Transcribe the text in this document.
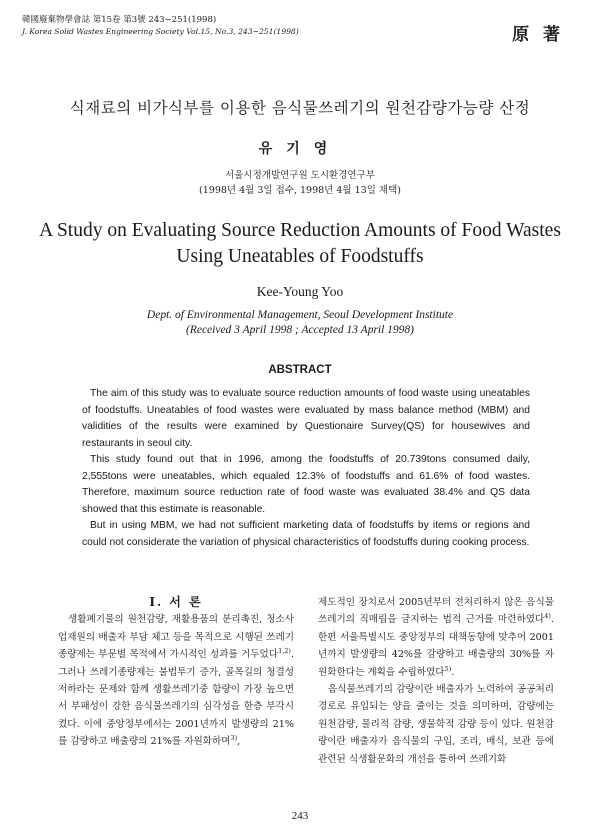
韓國廢棄物學會誌 第15卷 第3號 243~251(1998)
J. Korea Solid Wastes Engineering Society Vol.15, No.3, 243~251(1998)	原 著
식재료의 비가식부를 이용한 음식물쓰레기의 원천감량가능량 산정
유기영
서울시정개발연구원 도시환경연구부
(1998년 4월 3일 접수, 1998년 4월 13일 채택)
A Study on Evaluating Source Reduction Amounts of Food Wastes
Using Uneatables of Foodstuffs
Kee-Young Yoo
Dept. of Environmental Management, Seoul Development Institute
(Received 3 April 1998 ; Accepted 13 April 1998)
ABSTRACT

The aim of this study was to evaluate source reduction amounts of food waste using uneatables of foodstuffs. Uneatables of food wastes were evaluated by mass balance method (MBM) and validities of the results were examined by Questionaire Survey(QS) for housewives and restaurants in seoul city.

This study found out that in 1996, among the foodstuffs of 20.739tons consumed daily, 2,555tons were uneatables, which equaled 12.3% of foodstuffs and 61.6% of food wastes. Therefore, maximum source reduction rate of food waste was evaluated 38.4% and QS data showed that this estimate is reasonable.

But in using MBM, we had not sufficient marketing data of foodstuffs by items or regions and could not considerate the variation of physical characteristics of foodstuffs during cooking process.

Ⅰ. 서 론

생활폐기물의 원천감량, 재활용품의 분리촉진, 청소사업재원의 배출자 부담 체고 등을 목적으로 시행된 쓰레기종량제는 부문별 목적에서 가시적인 성과를 거두었다$^{1,2)}$. 그러나 쓰레기종량제는 불법투기 증가, 골목길의 청결성 저하라는 문제와 함께 생활쓰레기중 함량이 가장 높으면서 부패성이 강한 음식물쓰레기의 심각성을 한층 부각시켰다. 이에 중앙정부에서는 2001년까지 발생량의 21%를 감량하고 배출량의 21%를 자원화하며$^{3)}$,

제도적인 장치로서 2005년부터 전처리하지 않은 음식물쓰레기의 직매립을 금지하는 법적 근거를 마련하였다$^{4)}$. 한편 서울특별시도 중앙정부의 대책동향에 맞추어 2001년까지 발생량의 42%를 감량하고 배출량의 30%를 자원화한다는 계획을 수립하였다$^{5)}$.

음식물쓰레기의 감량이란 배출자가 노력하여 공공처리경로로 유입되는 양을 줄이는 것을 의미하며, 감량에는 원천감량, 물리적 감량, 생물학적 감량 등이 있다. 원천감량이란 배출자가 음식물의 구입, 조리, 배식, 보관 등에 관련된 식생활문화의 개선을 통하여 쓰레기화

243
